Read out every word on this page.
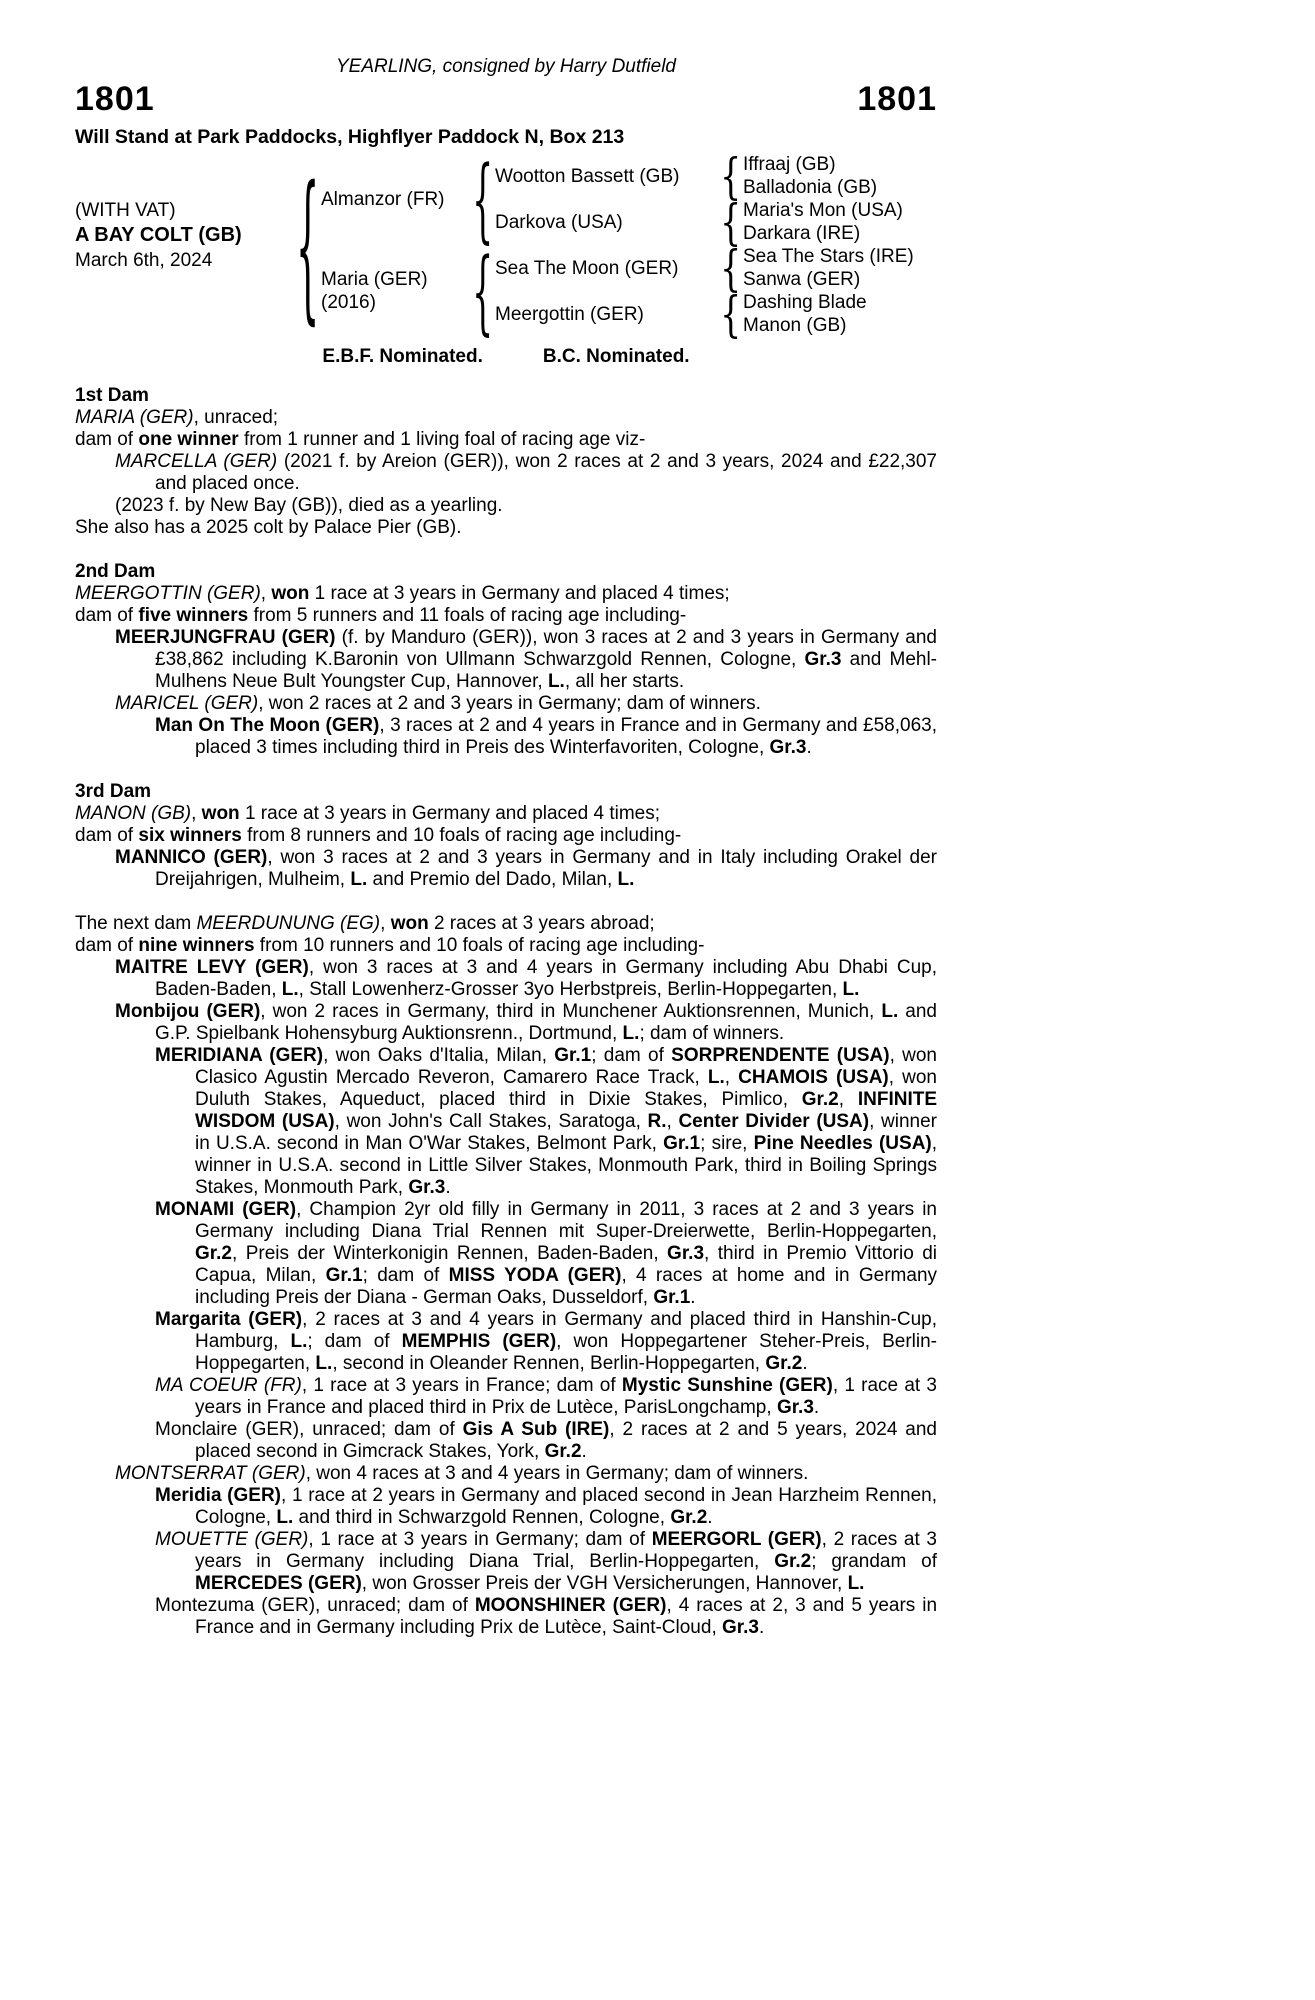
YEARLING, consigned by Harry Dutfield
1801	1801
Will Stand at Park Paddocks, Highflyer Paddock N, Box 213
(WITH VAT)
A BAY COLT (GB)
March 6th, 2024
{
Almanzor (FR)
{
Wootton Bassett (GB)
{
Iffraaj (GB)
Balladonia (GB)
Darkova (USA)
{
Maria's Mon (USA)
Darkara (IRE)
Maria (GER)
(2016)
{
Sea The Moon (GER)
{
Sea The Stars (IRE)
Sanwa (GER)
Meergottin (GER)
{
Dashing Blade
Manon (GB)
E.B.F. Nominated.	B.C. Nominated.
1st Dam

MARIA (GER), unraced;

dam of one winner from 1 runner and 1 living foal of racing age viz-

MARCELLA (GER) (2021 f. by Areion (GER)), won 2 races at 2 and 3 years, 2024 and £22,307 and placed once.

(2023 f. by New Bay (GB)), died as a yearling.

She also has a 2025 colt by Palace Pier (GB).

2nd Dam

MEERGOTTIN (GER), won 1 race at 3 years in Germany and placed 4 times;

dam of five winners from 5 runners and 11 foals of racing age including-

MEERJUNGFRAU (GER) (f. by Manduro (GER)), won 3 races at 2 and 3 years in Germany and £38,862 including K.Baronin von Ullmann Schwarzgold Rennen, Cologne, Gr.3 and Mehl-Mulhens Neue Bult Youngster Cup, Hannover, L., all her starts.

MARICEL (GER), won 2 races at 2 and 3 years in Germany; dam of winners.

Man On The Moon (GER), 3 races at 2 and 4 years in France and in Germany and £58,063, placed 3 times including third in Preis des Winterfavoriten, Cologne, Gr.3.

3rd Dam

MANON (GB), won 1 race at 3 years in Germany and placed 4 times;

dam of six winners from 8 runners and 10 foals of racing age including-

MANNICO (GER), won 3 races at 2 and 3 years in Germany and in Italy including Orakel der Dreijahrigen, Mulheim, L. and Premio del Dado, Milan, L.

The next dam MEERDUNUNG (EG), won 2 races at 3 years abroad;

dam of nine winners from 10 runners and 10 foals of racing age including-

MAITRE LEVY (GER), won 3 races at 3 and 4 years in Germany including Abu Dhabi Cup, Baden-Baden, L., Stall Lowenherz-Grosser 3yo Herbstpreis, Berlin-Hoppegarten, L.

Monbijou (GER), won 2 races in Germany, third in Munchener Auktionsrennen, Munich, L. and G.P. Spielbank Hohensyburg Auktionsrenn., Dortmund, L.; dam of winners.

MERIDIANA (GER), won Oaks d'Italia, Milan, Gr.1; dam of SORPRENDENTE (USA), won Clasico Agustin Mercado Reveron, Camarero Race Track, L., CHAMOIS (USA), won Duluth Stakes, Aqueduct, placed third in Dixie Stakes, Pimlico, Gr.2, INFINITE WISDOM (USA), won John's Call Stakes, Saratoga, R., Center Divider (USA), winner in U.S.A. second in Man O'War Stakes, Belmont Park, Gr.1; sire, Pine Needles (USA), winner in U.S.A. second in Little Silver Stakes, Monmouth Park, third in Boiling Springs Stakes, Monmouth Park, Gr.3.

MONAMI (GER), Champion 2yr old filly in Germany in 2011, 3 races at 2 and 3 years in Germany including Diana Trial Rennen mit Super-Dreierwette, Berlin-Hoppegarten, Gr.2, Preis der Winterkonigin Rennen, Baden-Baden, Gr.3, third in Premio Vittorio di Capua, Milan, Gr.1; dam of MISS YODA (GER), 4 races at home and in Germany including Preis der Diana - German Oaks, Dusseldorf, Gr.1.

Margarita (GER), 2 races at 3 and 4 years in Germany and placed third in Hanshin-Cup, Hamburg, L.; dam of MEMPHIS (GER), won Hoppegartener Steher-Preis, Berlin-Hoppegarten, L., second in Oleander Rennen, Berlin-Hoppegarten, Gr.2.

MA COEUR (FR), 1 race at 3 years in France; dam of Mystic Sunshine (GER), 1 race at 3 years in France and placed third in Prix de Lutèce, ParisLongchamp, Gr.3.

Monclaire (GER), unraced; dam of Gis A Sub (IRE), 2 races at 2 and 5 years, 2024 and placed second in Gimcrack Stakes, York, Gr.2.

MONTSERRAT (GER), won 4 races at 3 and 4 years in Germany; dam of winners.

Meridia (GER), 1 race at 2 years in Germany and placed second in Jean Harzheim Rennen, Cologne, L. and third in Schwarzgold Rennen, Cologne, Gr.2.

MOUETTE (GER), 1 race at 3 years in Germany; dam of MEERGORL (GER), 2 races at 3 years in Germany including Diana Trial, Berlin-Hoppegarten, Gr.2; grandam of MERCEDES (GER), won Grosser Preis der VGH Versicherungen, Hannover, L.

Montezuma (GER), unraced; dam of MOONSHINER (GER), 4 races at 2, 3 and 5 years in France and in Germany including Prix de Lutèce, Saint-Cloud, Gr.3.
